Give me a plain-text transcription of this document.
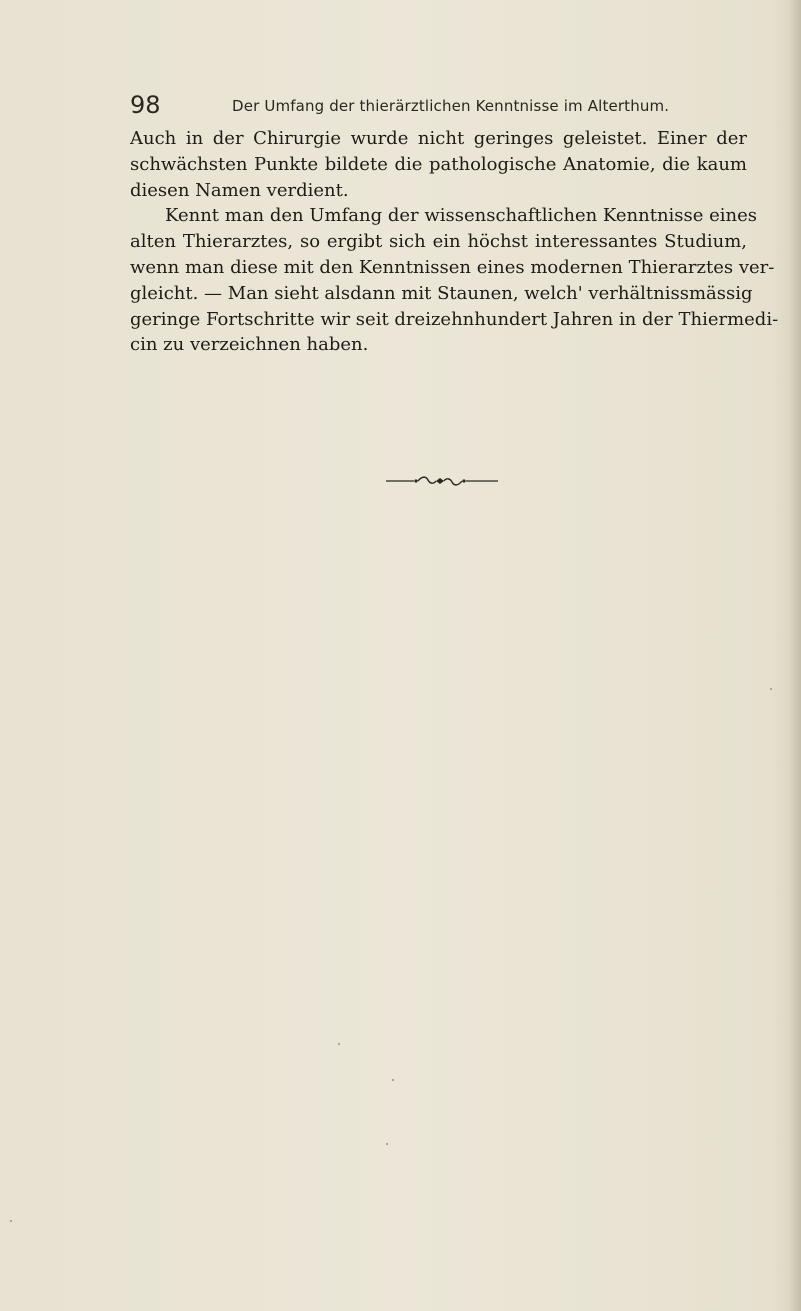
98	Der Umfang der thierärztlichen Kenntnisse im Alterthum.
Auch in der Chirurgie wurde nicht geringes geleistet. Einer der
schwächsten Punkte bildete die pathologische Anatomie, die kaum
diesen Namen verdient.
Kennt man den Umfang der wissenschaftlichen Kenntnisse eines
alten Thierarztes, so ergibt sich ein höchst interessantes Studium,
wenn man diese mit den Kenntnissen eines modernen Thierarztes ver-
gleicht. — Man sieht alsdann mit Staunen, welch' verhältnissmässig
geringe Fortschritte wir seit dreizehnhundert Jahren in der Thiermedi-
cin zu verzeichnen haben.
